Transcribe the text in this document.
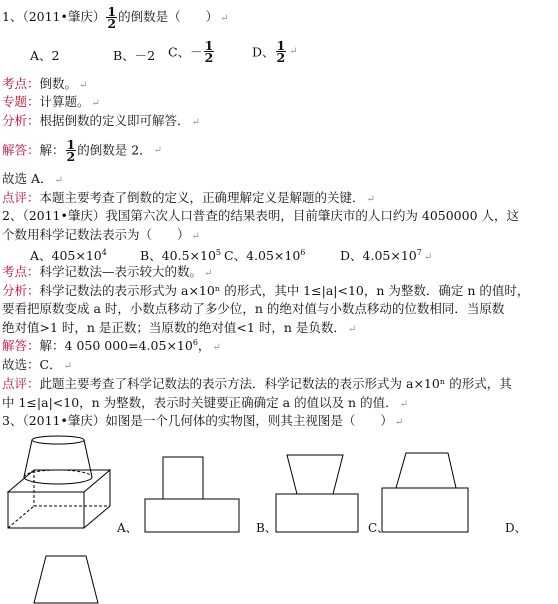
1、（2011•肇庆） $\frac{1}{2}$ 的倒数是（　　） ↵
A、2	B、－2 C、－ $\frac{1}{2}$	D、 $\frac{1}{2}$ ↵
考点：倒数。 ↵
专题：计算题。 ↵
分析：根据倒数的定义即可解答． ↵
解答：解： $\frac{1}{2}$ 的倒数是 2． ↵
故选 A． ↵
点评：本题主要考查了倒数的定义，正确理解定义是解题的关键． ↵
2、（2011•肇庆）我国第六次人口普查的结果表明，目前肇庆市的人口约为 4050000 人，这
个数用科学记数法表示为（　　） ↵
A、$405\times 10^4$	B、$40.5\times 10^5$ C、$4.05\times 10^6$	D、$4.05\times 10^7$ ↵
考点：科学记数法—表示较大的数。 ↵
分析：科学记数法的表示形式为 a×10ⁿ 的形式，其中 1≤|a|<10，n 为整数．确定 n 的值时，
要看把原数变成 a 时，小数点移动了多少位，n 的绝对值与小数点移动的位数相同．当原数
绝对值>1 时，n 是正数；当原数的绝对值<1 时，n 是负数． ↵
解答：解：4 050 $000=4.05\times 10^6$， ↵
故选：C． ↵
点评：此题主要考查了科学记数法的表示方法．科学记数法的表示形式为 a×10ⁿ 的形式，其
中 1≤|a|<10，n 为整数，表示时关键要正确确定 a 的值以及 n 的值． ↵
3、（2011•肇庆）如图是一个几何体的实物图，则其主视图是（　　） ↵
A、	B、	C、	D、
